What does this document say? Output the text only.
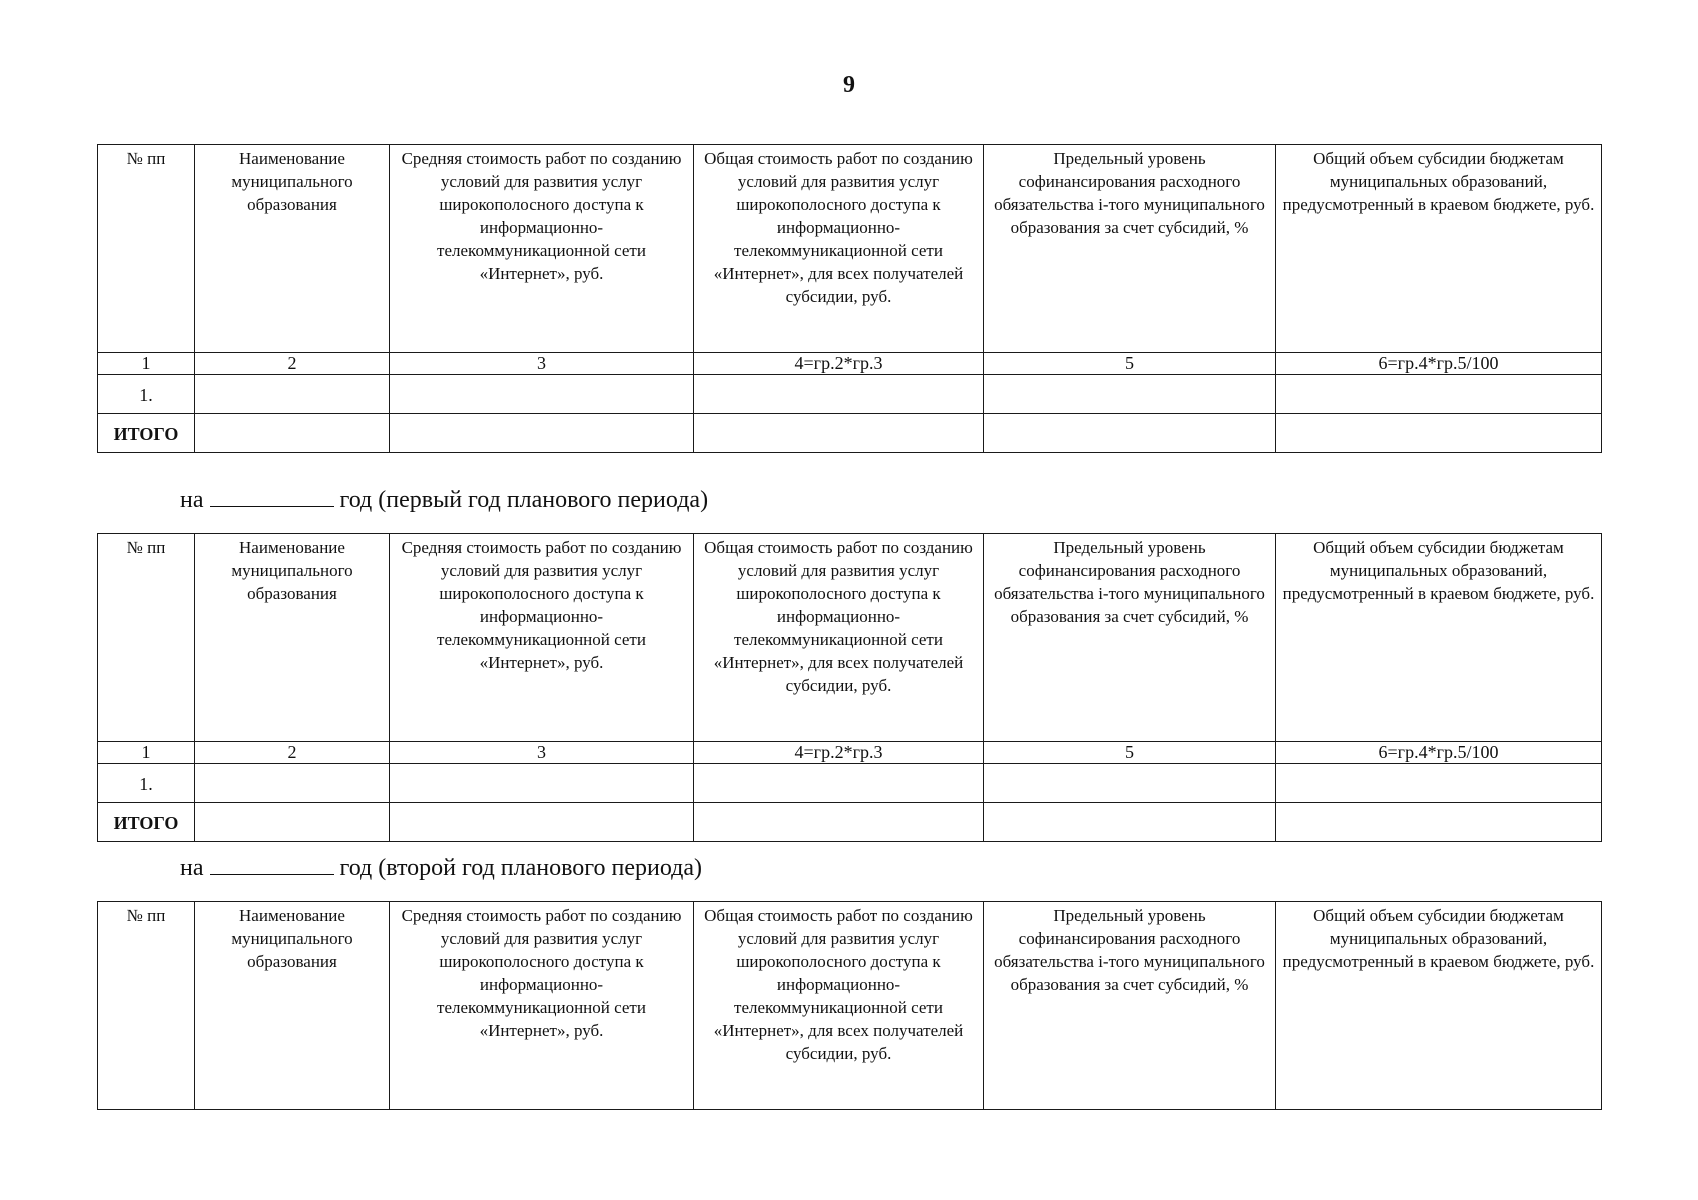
9
№ пп	Наименование муниципального образования	Средняя стоимость работ по созданию условий для развития услуг широкополосного доступа к информационно-телекоммуникационной сети «Интернет», руб.	Общая стоимость работ по созданию условий для развития услуг широкополосного доступа к информационно-телекоммуникационной сети «Интернет», для всех получателей субсидии, руб.	Предельный уровень софинансирования расходного обязательства i-того муниципального образования за счет субсидий, %	Общий объем субсидии бюджетам муниципальных образований, предусмотренный в краевом бюджете, руб.
1	2	3	4=гр.2*гр.3	5	6=гр.4*гр.5/100
1.					
ИТОГО					
на	год (первый год планового периода)
№ пп	Наименование муниципального образования	Средняя стоимость работ по созданию условий для развития услуг широкополосного доступа к информационно-телекоммуникационной сети «Интернет», руб.	Общая стоимость работ по созданию условий для развития услуг широкополосного доступа к информационно-телекоммуникационной сети «Интернет», для всех получателей субсидии, руб.	Предельный уровень софинансирования расходного обязательства i-того муниципального образования за счет субсидий, %	Общий объем субсидии бюджетам муниципальных образований, предусмотренный в краевом бюджете, руб.
1	2	3	4=гр.2*гр.3	5	6=гр.4*гр.5/100
1.					
ИТОГО					
на	год (второй год планового периода)
№ пп	Наименование муниципального образования	Средняя стоимость работ по созданию условий для развития услуг широкополосного доступа к информационно-телекоммуникационной сети «Интернет», руб.	Общая стоимость работ по созданию условий для развития услуг широкополосного доступа к информационно-телекоммуникационной сети «Интернет», для всех получателей субсидии, руб.	Предельный уровень софинансирования расходного обязательства i-того муниципального образования за счет субсидий, %	Общий объем субсидии бюджетам муниципальных образований, предусмотренный в краевом бюджете, руб.
